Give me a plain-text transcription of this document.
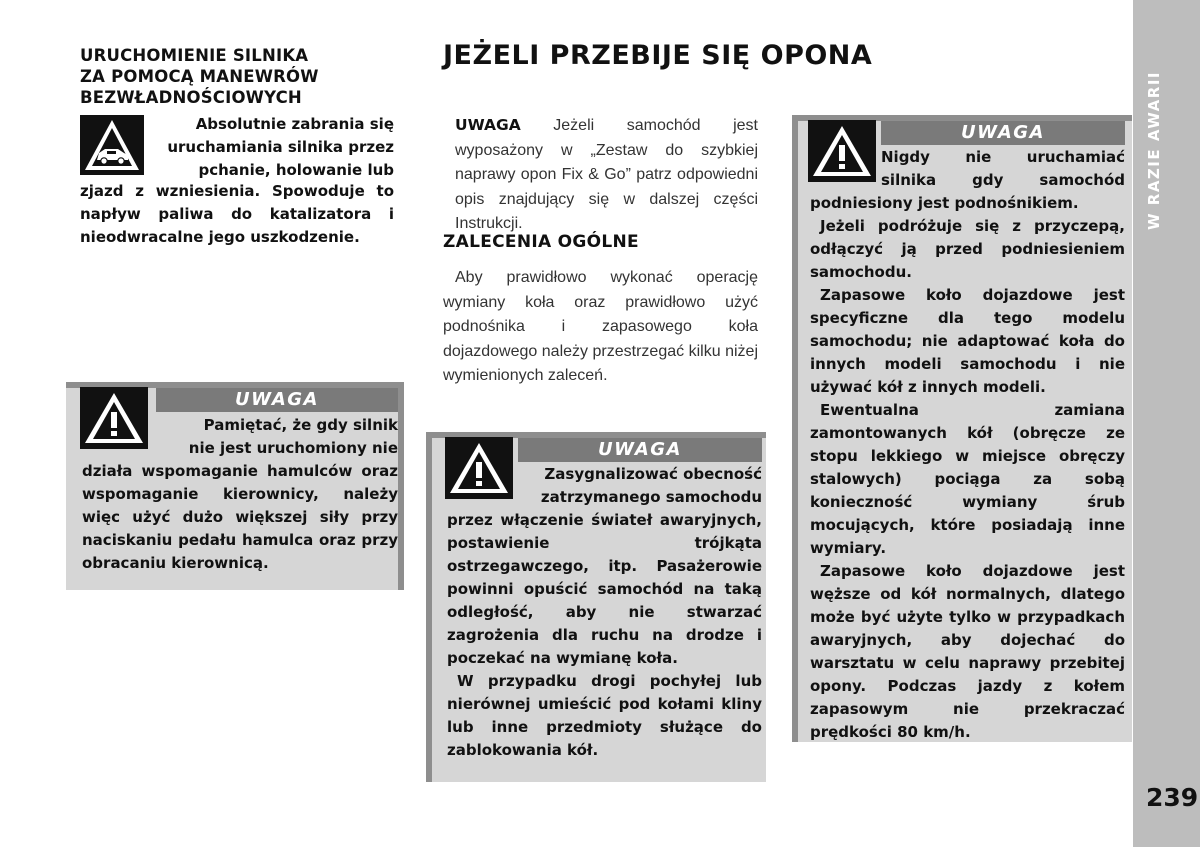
239
URUCHOMIENIE SILNIKA
ZA POMOCĄ MANEWRÓW
BEZWŁADNOŚCIOWYCH
Absolutnie zabrania się
uruchamiania silnika przez
pchanie, holowanie lub
zjazd z wzniesienia. Spowoduje to napływ paliwa do katalizatora i nieodwracalne jego uszkodzenie.
UWAGA
Pamiętać, że gdy silnik
nie jest uruchomiony nie
działa wspomaganie hamulców oraz wspomaganie kierownicy, należy więc użyć dużo większej siły przy naciskaniu pedału hamulca oraz przy obracaniu kierownicą.
JEŻELI PRZEBIJE SIĘ OPONA
UWAGA Jeżeli samochód jest wyposażony w „Zestaw do szybkiej naprawy opon Fix & Go” patrz odpowiedni opis znajdujący się w dalszej części Instrukcji.
ZALECENIA OGÓLNE
Aby prawidłowo wykonać operację wymiany koła oraz prawidłowo użyć podnośnika i zapasowego koła dojazdowego należy przestrzegać kilku niżej wymienionych zaleceń.
UWAGA
Zasygnalizować obecność
zatrzymanego samochodu

przez włączenie świateł awaryjnych, postawienie trójkąta ostrzegawczego, itp. Pasażerowie powinni opuścić samochód na taką odległość, aby nie stwarzać zagrożenia dla ruchu na drodze i poczekać na wymianę koła.

W przypadku drogi pochyłej lub nierównej umieścić pod kołami kliny lub inne przedmioty służące do zablokowania kół.

UWAGA
Nigdy nie uruchamiać
silnika gdy samochód

podniesiony jest podnośnikiem.

Jeżeli podróżuje się z przyczepą, odłączyć ją przed podniesieniem samochodu.

Zapasowe koło dojazdowe jest specyficzne dla tego modelu samochodu; nie adaptować koła do innych modeli samochodu i nie używać kół z innych modeli.

Ewentualna zamiana zamontowanych kół (obręcze ze stopu lekkiego w miejsce obręczy stalowych) pociąga za sobą konieczność wymiany śrub mocujących, które posiadają inne wymiary.

Zapasowe koło dojazdowe jest węższe od kół normalnych, dlatego może być użyte tylko w przypadkach awaryjnych, aby dojechać do warsztatu w celu naprawy przebitej opony. Podczas jazdy z kołem zapasowym nie przekraczać prędkości 80 km/h.
